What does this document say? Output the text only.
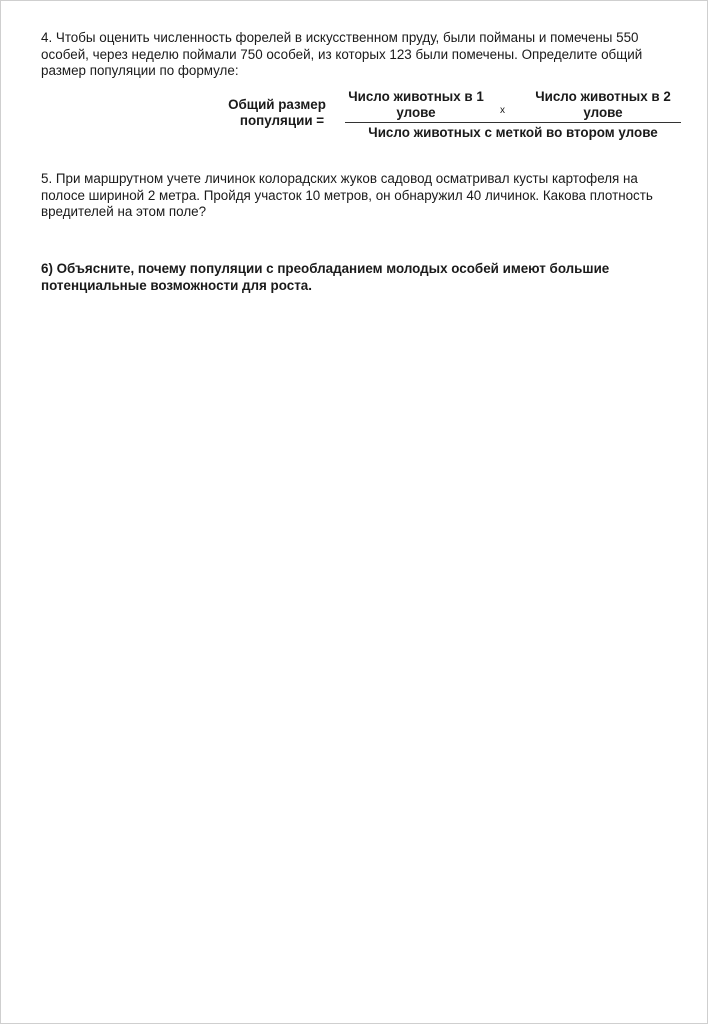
4. Чтобы оценить численность форелей в искусственном пруду, были пойманы и помечены 550
особей, через неделю поймали 750 особей, из которых 123 были помечены. Определите общий
размер популяции по формуле:
Общий размер
популяции =
Число животных в 1
улове	x
Число животных в 2
улове
Число животных с меткой во втором улове
5. При маршрутном учете личинок колорадских жуков садовод осматривал кусты картофеля на
полосе шириной 2 метра. Пройдя участок 10 метров, он обнаружил 40 личинок. Какова плотность
вредителей на этом поле?
6) Объясните, почему популяции с преобладанием молодых особей имеют большие
потенциальные возможности для роста.
